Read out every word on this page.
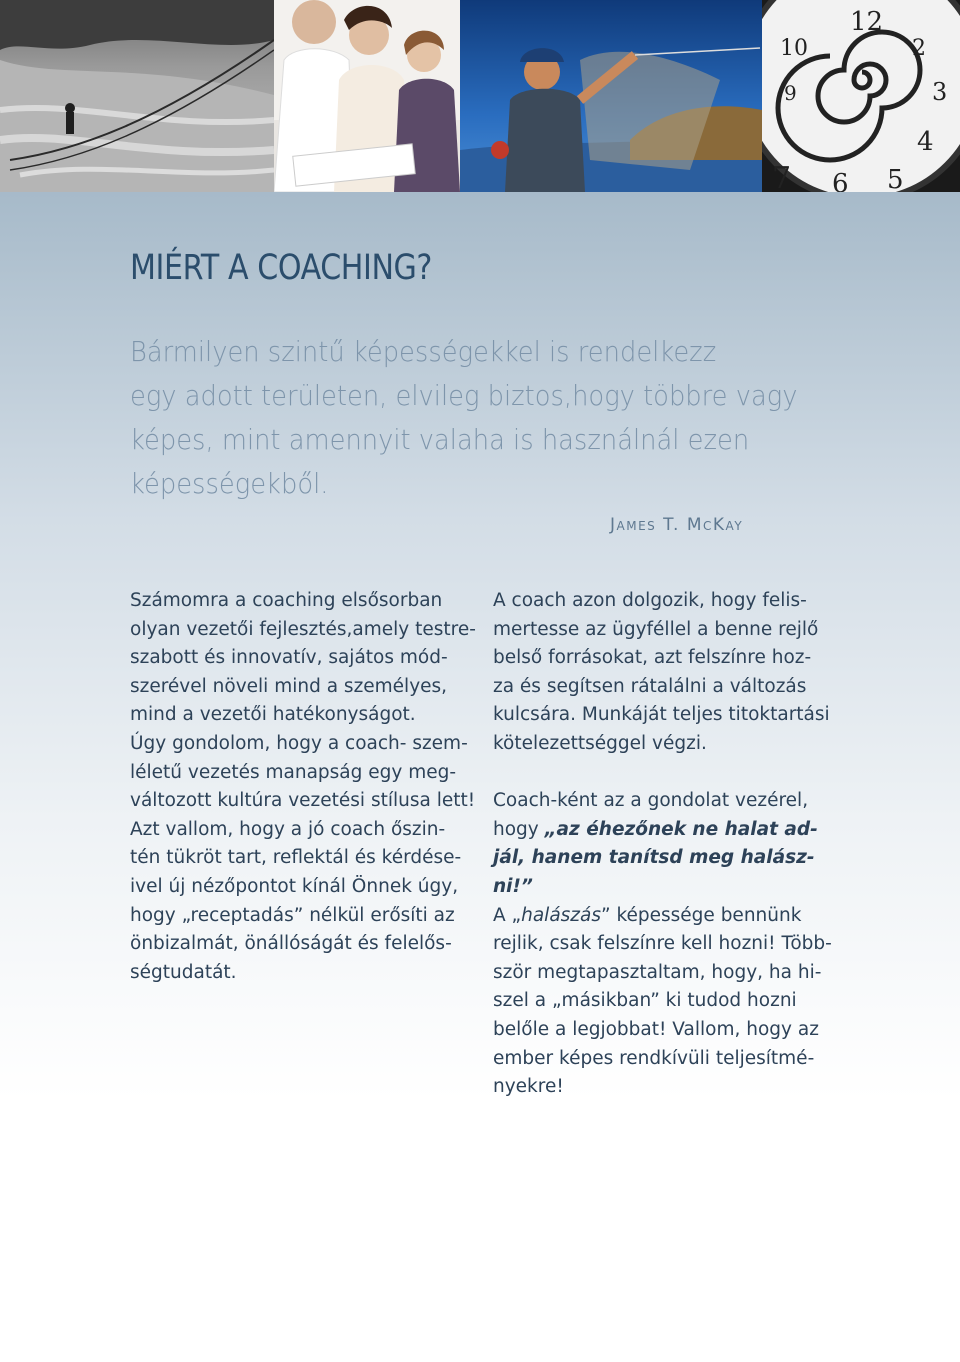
12
2
3
4
5
10
9
7 6
MIÉRT A COACHING?
Bármilyen szintű képességekkel is rendelkezz
egy adott területen, elvileg biztos,hogy többre vagy
képes, mint amennyit valaha is használnál ezen
képességekből.
James T. McKay
Számomra a coaching elsősorban
olyan vezetői fejlesztés,amely testre-
szabott és innovatív, sajátos mód-
szerével növeli mind a személyes,
mind a vezetői hatékonyságot.
Úgy gondolom, hogy a coach- szem-
léletű vezetés manapság egy meg-
változott kultúra vezetési stílusa lett!
Azt vallom, hogy a jó coach őszin-
tén tükröt tart, reflektál és kérdése-
ivel új nézőpontot kínál Önnek úgy,
hogy „receptadás” nélkül erősíti az
önbizalmát, önállóságát és felelős-
ségtudatát.
A coach azon dolgozik, hogy felis-
mertesse az ügyféllel a benne rejlő
belső forrásokat, azt felszínre hoz-
za és segítsen rátalálni a változás
kulcsára. Munkáját teljes titoktartási
kötelezettséggel végzi.
Coach-ként az a gondolat vezérel,
hogy „az éhezőnek ne halat ad-
jál, hanem tanítsd meg halász-
ni!”
A „halászás” képessége bennünk
rejlik, csak felszínre kell hozni! Több-
ször megtapasztaltam, hogy, ha hi-
szel a „másikban” ki tudod hozni
belőle a legjobbat! Vallom, hogy az
ember képes rendkívüli teljesítmé-
nyekre!
